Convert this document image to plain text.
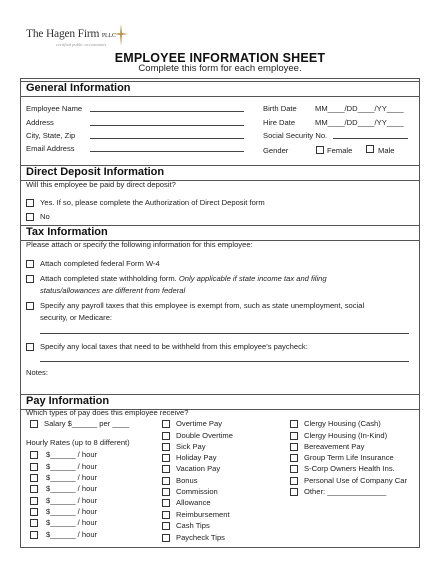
The Hagen Firm PLLC
certified public accountants
EMPLOYEE INFORMATION SHEET
Complete this form for each employee.
General Information
Employee Name
Address
City, State, Zip
Email Address
Birth Date MM____/DD____/YY____
Hire Date	MM____/DD____/YY____
Social Security No.
Gender	Female	Male
Direct Deposit Information
Will this employee be paid by direct deposit?
Yes. If so, please complete the Authorization of Direct Deposit form
No
Tax Information
Please attach or specify the following information for this employee:
Attach completed federal Form W-4
Attach completed state withholding form. Only applicable if state income tax and filing
status/allowances are different from federal
Specify any payroll taxes that this employee is exempt from, such as state unemployment, social
security, or Medicare:
Specify any local taxes that need to be withheld from this employee's paycheck:
Notes:
Pay Information
Which types of pay does this employee receive?
Salary $______ per ____
Hourly Rates (up to 8 different)
$______ / hour
$______ / hour
$______ / hour
$______ / hour
$______ / hour
$______ / hour
$______ / hour
$______ / hour
Overtime Pay
Double Overtime
Sick Pay
Holiday Pay
Vacation Pay
Bonus
Commission
Allowance
Reimbursement
Cash Tips
Paycheck Tips
Clergy Housing (Cash)
Clergy Housing (In-Kind)
Bereavement Pay
Group Term Life Insurance
S-Corp Owners Health Ins.
Personal Use of Company Car
Other: ______________
